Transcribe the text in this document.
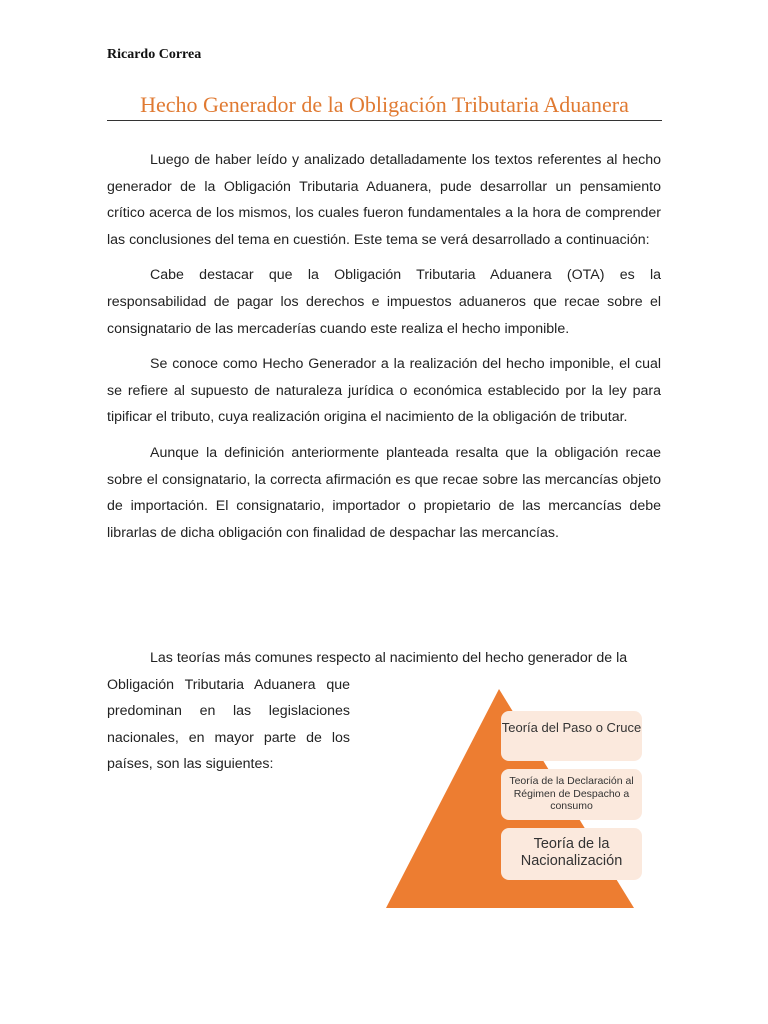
Ricardo Correa
Hecho Generador de la Obligación Tributaria Aduanera

Luego de haber leído y analizado detalladamente los textos referentes al hecho generador de la Obligación Tributaria Aduanera, pude desarrollar un pensamiento crítico acerca de los mismos, los cuales fueron fundamentales a la hora de comprender las conclusiones del tema en cuestión. Este tema se verá desarrollado a continuación:

Cabe destacar que la Obligación Tributaria Aduanera (OTA) es la responsabilidad de pagar los derechos e impuestos aduaneros que recae sobre el consignatario de las mercaderías cuando este realiza el hecho imponible.

Se conoce como Hecho Generador a la realización del hecho imponible, el cual se refiere al supuesto de naturaleza jurídica o económica establecido por la ley para tipificar el tributo, cuya realización origina el nacimiento de la obligación de tributar.

Aunque la definición anteriormente planteada resalta que la obligación recae sobre el consignatario, la correcta afirmación es que recae sobre las mercancías objeto de importación. El consignatario, importador o propietario de las mercancías debe librarlas de dicha obligación con finalidad de despachar las mercancías.

Las teorías más comunes respecto al nacimiento del hecho generador de la

Obligación Tributaria Aduanera que predominan en las legislaciones nacionales, en mayor parte de los países, son las siguientes:

Teoría del Paso o Cruce
Teoría de la Declaración al Régimen de Despacho a consumo
Teoría de la Nacionalización
